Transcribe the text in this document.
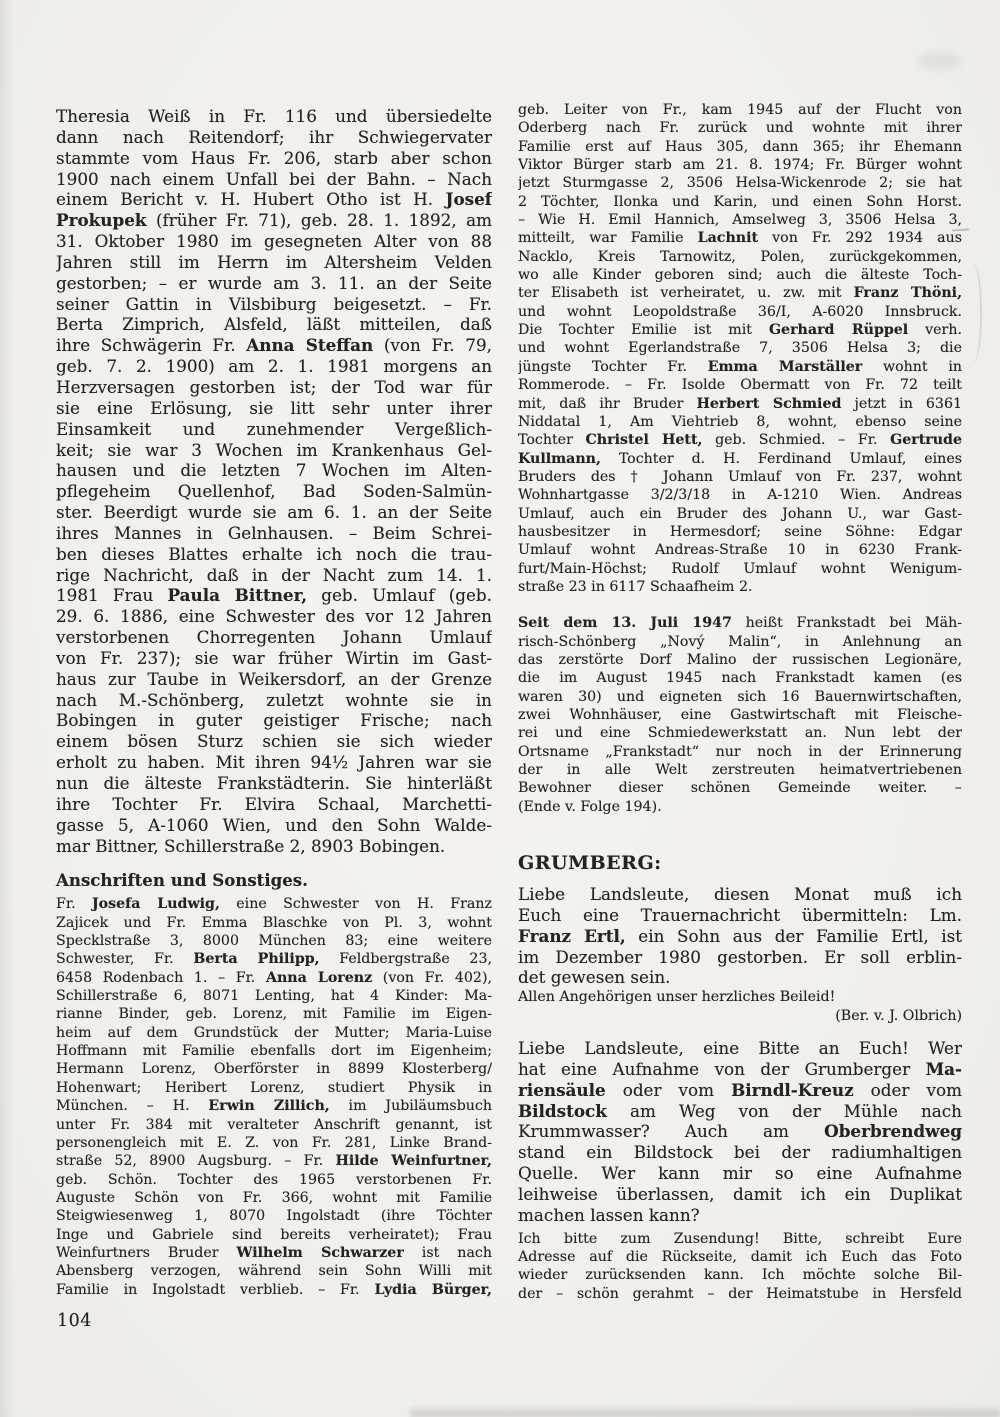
Theresia Weiß in Fr. 116 und übersiedelte
dann nach Reitendorf; ihr Schwiegervater
stammte vom Haus Fr. 206, starb aber schon
1900 nach einem Unfall bei der Bahn. – Nach
einem Bericht v. H. Hubert Otho ist H. Josef
Prokupek (früher Fr. 71), geb. 28. 1. 1892, am
31. Oktober 1980 im gesegneten Alter von 88
Jahren still im Herrn im Altersheim Velden
gestorben; – er wurde am 3. 11. an der Seite
seiner Gattin in Vilsbiburg beigesetzt. – Fr.
Berta Zimprich, Alsfeld, läßt mitteilen, daß
ihre Schwägerin Fr. Anna Steffan (von Fr. 79,
geb. 7. 2. 1900) am 2. 1. 1981 morgens an
Herzversagen gestorben ist; der Tod war für
sie eine Erlösung, sie litt sehr unter ihrer
Einsamkeit und zunehmender Vergeßlich-
keit; sie war 3 Wochen im Krankenhaus Gel-
hausen und die letzten 7 Wochen im Alten-
pflegeheim Quellenhof, Bad Soden-Salmün-
ster. Beerdigt wurde sie am 6. 1. an der Seite
ihres Mannes in Gelnhausen. – Beim Schrei-
ben dieses Blattes erhalte ich noch die trau-
rige Nachricht, daß in der Nacht zum 14. 1.
1981 Frau Paula Bittner, geb. Umlauf (geb.
29. 6. 1886, eine Schwester des vor 12 Jahren
verstorbenen Chorregenten Johann Umlauf
von Fr. 237); sie war früher Wirtin im Gast-
haus zur Taube in Weikersdorf, an der Grenze
nach M.-Schönberg, zuletzt wohnte sie in
Bobingen in guter geistiger Frische; nach
einem bösen Sturz schien sie sich wieder
erholt zu haben. Mit ihren 94½ Jahren war sie
nun die älteste Frankstädterin. Sie hinterläßt
ihre Tochter Fr. Elvira Schaal, Marchetti-
gasse 5, A-1060 Wien, und den Sohn Walde-
mar Bittner, Schillerstraße 2, 8903 Bobingen.
Anschriften und Sonstiges.
Fr. Josefa Ludwig, eine Schwester von H. Franz
Zajicek und Fr. Emma Blaschke von Pl. 3, wohnt
Specklstraße 3, 8000 München 83; eine weitere
Schwester, Fr. Berta Philipp, Feldbergstraße 23,
6458 Rodenbach 1. – Fr. Anna Lorenz (von Fr. 402),
Schillerstraße 6, 8071 Lenting, hat 4 Kinder: Ma-
rianne Binder, geb. Lorenz, mit Familie im Eigen-
heim auf dem Grundstück der Mutter; Maria-Luise
Hoffmann mit Familie ebenfalls dort im Eigenheim;
Hermann Lorenz, Oberförster in 8899 Klosterberg/
Hohenwart; Heribert Lorenz, studiert Physik in
München. – H. Erwin Zillich, im Jubiläumsbuch
unter Fr. 384 mit veralteter Anschrift genannt, ist
personengleich mit E. Z. von Fr. 281, Linke Brand-
straße 52, 8900 Augsburg. – Fr. Hilde Weinfurtner,
geb. Schön. Tochter des 1965 verstorbenen Fr.
Auguste Schön von Fr. 366, wohnt mit Familie
Steigwiesenweg 1, 8070 Ingolstadt (ihre Töchter
Inge und Gabriele sind bereits verheiratet); Frau
Weinfurtners Bruder Wilhelm Schwarzer ist nach
Abensberg verzogen, während sein Sohn Willi mit
Familie in Ingolstadt verblieb. – Fr. Lydia Bürger,
geb. Leiter von Fr., kam 1945 auf der Flucht von
Oderberg nach Fr. zurück und wohnte mit ihrer
Familie erst auf Haus 305, dann 365; ihr Ehemann
Viktor Bürger starb am 21. 8. 1974; Fr. Bürger wohnt
jetzt Sturmgasse 2, 3506 Helsa-Wickenrode 2; sie hat
2 Töchter, Ilonka und Karin, und einen Sohn Horst.
– Wie H. Emil Hannich, Amselweg 3, 3506 Helsa 3,
mitteilt, war Familie Lachnit von Fr. 292 1934 aus
Nacklo, Kreis Tarnowitz, Polen, zurückgekommen,
wo alle Kinder geboren sind; auch die älteste Toch-
ter Elisabeth ist verheiratet, u. zw. mit Franz Thöni,
und wohnt Leopoldstraße 36/I, A-6020 Innsbruck.
Die Tochter Emilie ist mit Gerhard Rüppel verh.
und wohnt Egerlandstraße 7, 3506 Helsa 3; die
jüngste Tochter Fr. Emma Marställer wohnt in
Rommerode. – Fr. Isolde Obermatt von Fr. 72 teilt
mit, daß ihr Bruder Herbert Schmied jetzt in 6361
Niddatal 1, Am Viehtrieb 8, wohnt, ebenso seine
Tochter Christel Hett, geb. Schmied. – Fr. Gertrude
Kullmann, Tochter d. H. Ferdinand Umlauf, eines
Bruders des † Johann Umlauf von Fr. 237, wohnt
Wohnhartgasse 3/2/3/18 in A-1210 Wien. Andreas
Umlauf, auch ein Bruder des Johann U., war Gast-
hausbesitzer in Hermesdorf; seine Söhne: Edgar
Umlauf wohnt Andreas-Straße 10 in 6230 Frank-
furt/Main-Höchst; Rudolf Umlauf wohnt Wenigum-
straße 23 in 6117 Schaafheim 2.
Seit dem 13. Juli 1947 heißt Frankstadt bei Mäh-
risch-Schönberg „Nový Malin“, in Anlehnung an
das zerstörte Dorf Malino der russischen Legionäre,
die im August 1945 nach Frankstadt kamen (es
waren 30) und eigneten sich 16 Bauernwirtschaften,
zwei Wohnhäuser, eine Gastwirtschaft mit Fleische-
rei und eine Schmiedewerkstatt an. Nun lebt der
Ortsname „Frankstadt“ nur noch in der Erinnerung
der in alle Welt zerstreuten heimatvertriebenen
Bewohner dieser schönen Gemeinde weiter. –
(Ende v. Folge 194).
GRUMBERG:
Liebe Landsleute, diesen Monat muß ich
Euch eine Trauernachricht übermitteln: Lm.
Franz Ertl, ein Sohn aus der Familie Ertl, ist
im Dezember 1980 gestorben. Er soll erblin-
det gewesen sein.
Allen Angehörigen unser herzliches Beileid!
(Ber. v. J. Olbrich)
Liebe Landsleute, eine Bitte an Euch! Wer
hat eine Aufnahme von der Grumberger Ma-
riensäule oder vom Birndl-Kreuz oder vom
Bildstock am Weg von der Mühle nach
Krummwasser? Auch am Oberbrendweg
stand ein Bildstock bei der radiumhaltigen
Quelle. Wer kann mir so eine Aufnahme
leihweise überlassen, damit ich ein Duplikat
machen lassen kann?
Ich bitte zum Zusendung! Bitte, schreibt Eure
Adresse auf die Rückseite, damit ich Euch das Foto
wieder zurücksenden kann. Ich möchte solche Bil-
der – schön gerahmt – der Heimatstube in Hersfeld
104
